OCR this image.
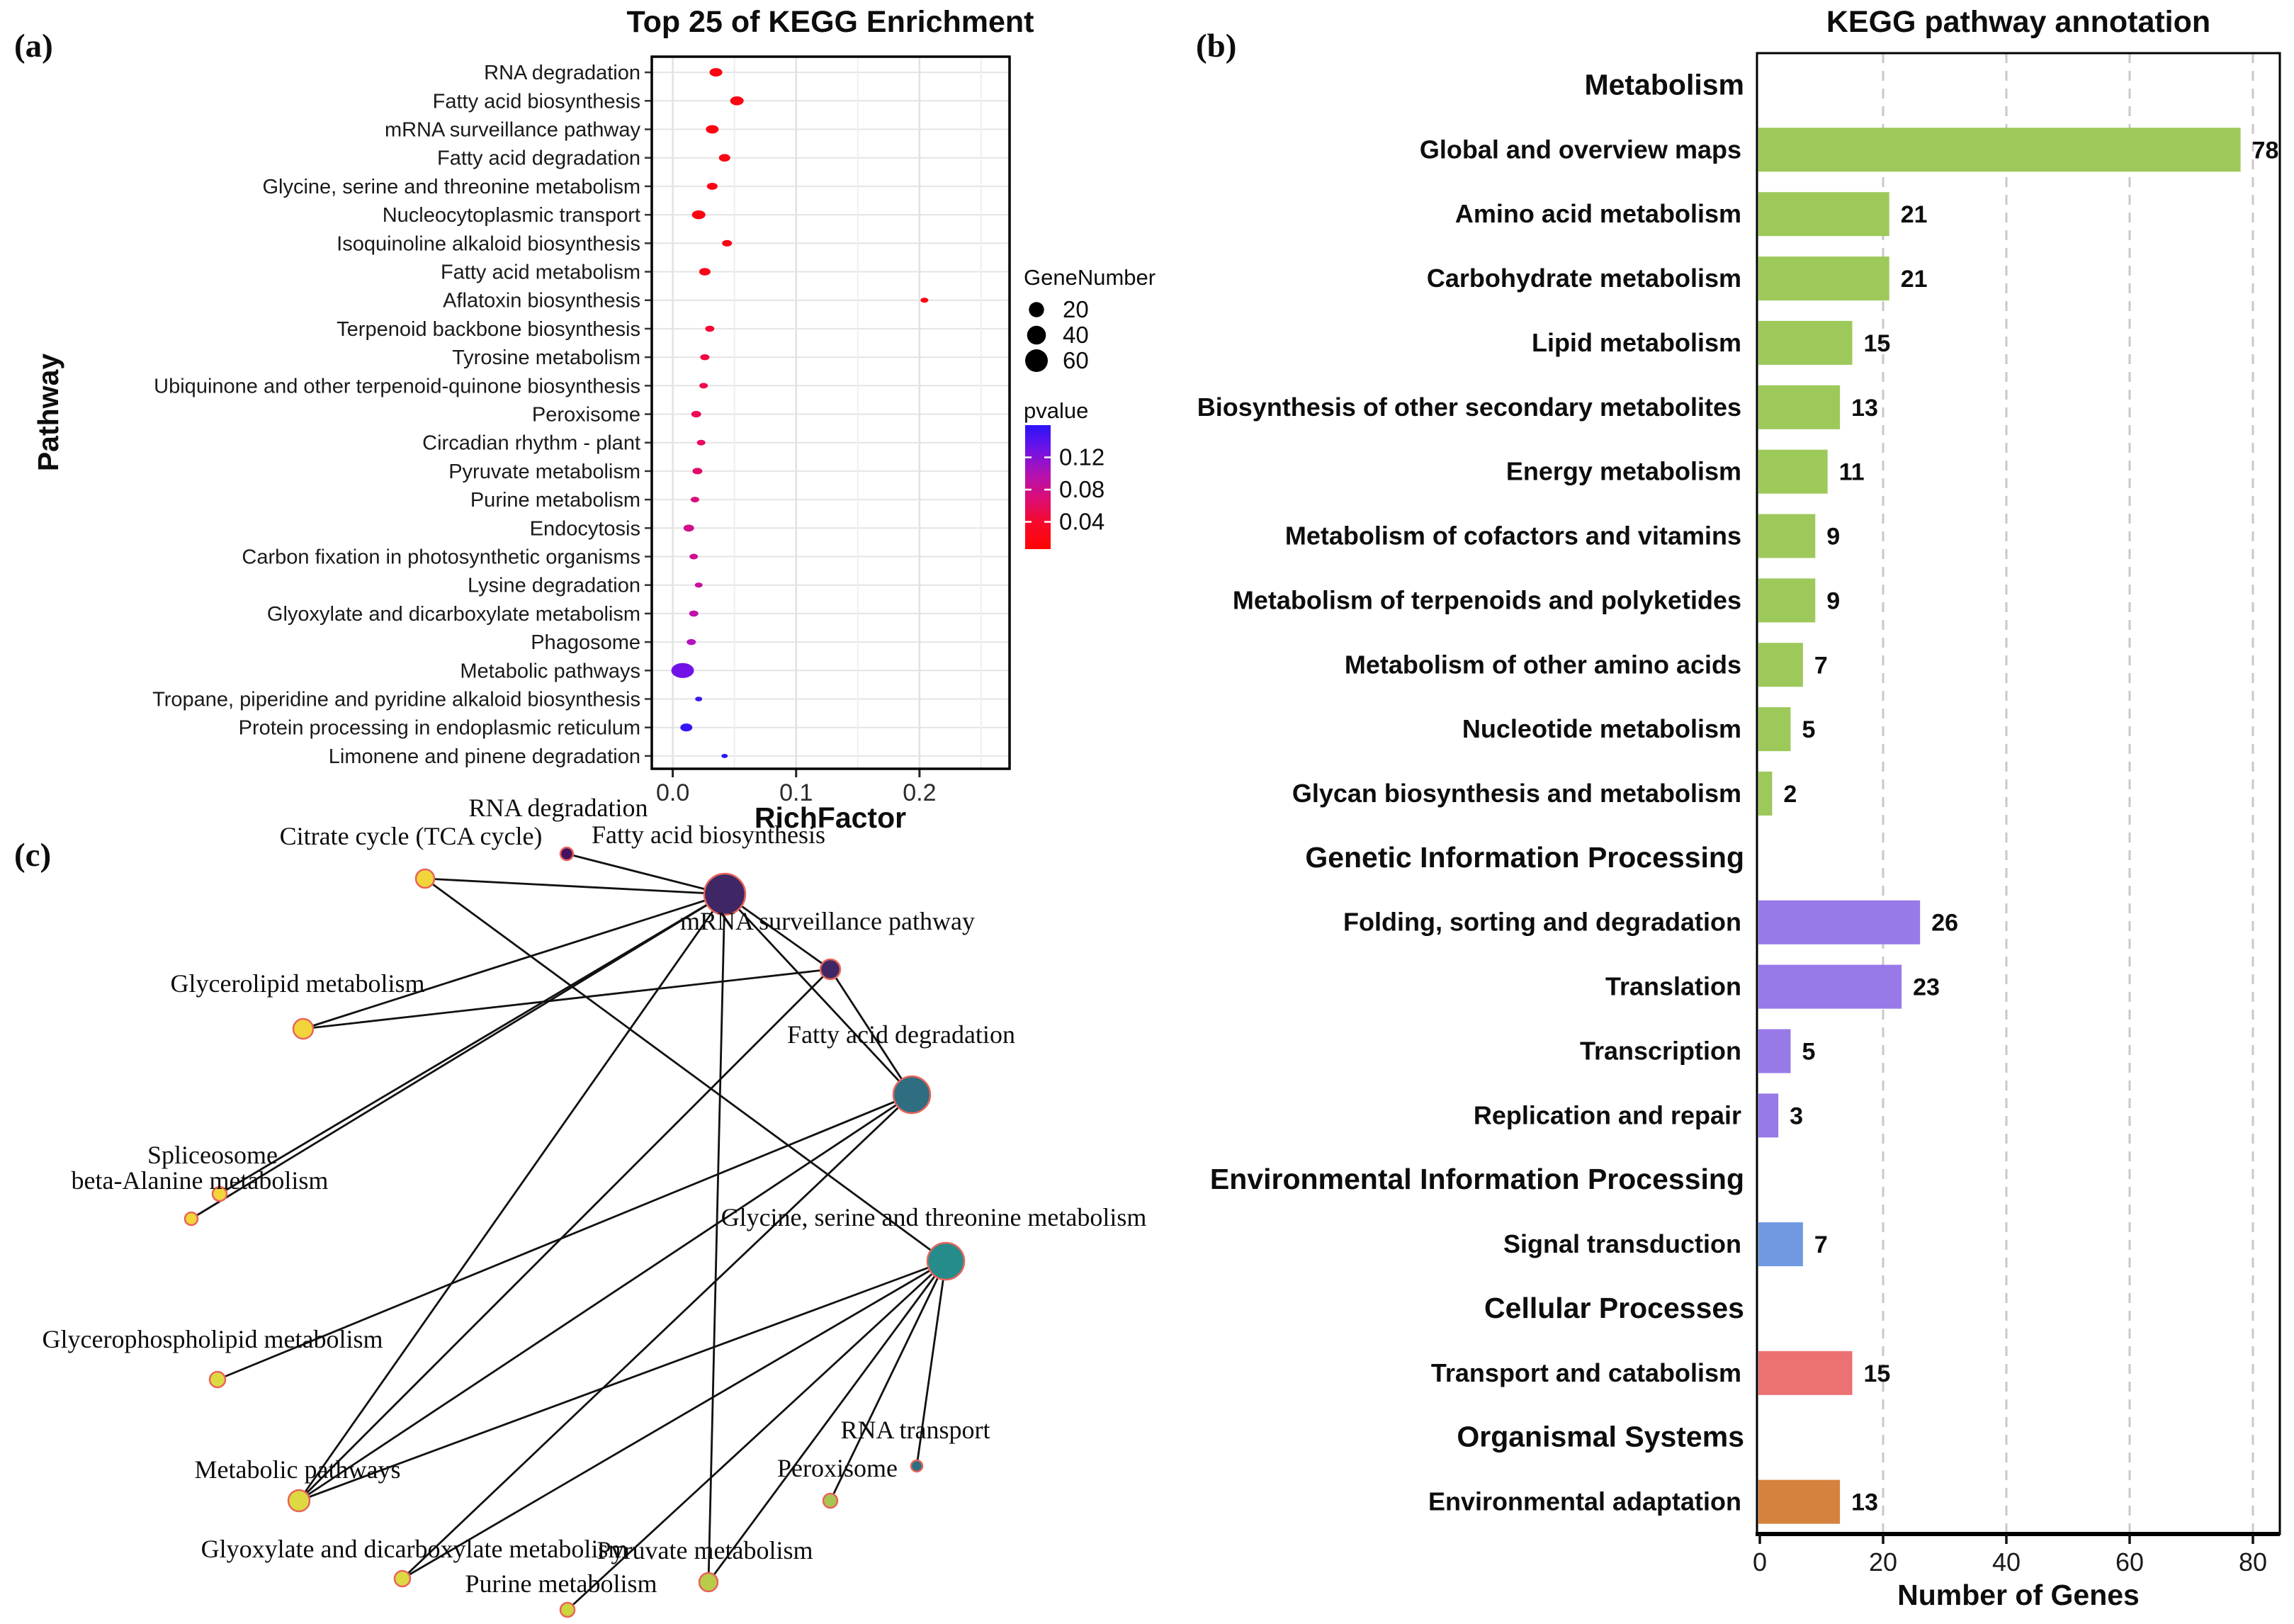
RNA degradation
Fatty acid biosynthesis
mRNA surveillance pathway
Fatty acid degradation
Glycine, serine and threonine metabolism
Nucleocytoplasmic transport
Isoquinoline alkaloid biosynthesis
Fatty acid metabolism
Aflatoxin biosynthesis
Terpenoid backbone biosynthesis
Tyrosine metabolism
Ubiquinone and other terpenoid-quinone biosynthesis
Peroxisome
Circadian rhythm - plant
Pyruvate metabolism
Purine metabolism
Endocytosis
Carbon fixation in photosynthetic organisms
Lysine degradation
Glyoxylate and dicarboxylate metabolism
Phagosome
Metabolic pathways
Tropane, piperidine and pyridine alkaloid biosynthesis
Protein processing in endoplasmic reticulum
Limonene and pinene degradation
0.0	0.1	0.2
20
40
60
0.12
0.08
0.04
Metabolism
Global and overview maps	78
Amino acid metabolism	21
Carbohydrate metabolism	21
Lipid metabolism	15
Biosynthesis of other secondary metabolites	13
Energy metabolism	11
Metabolism of cofactors and vitamins	9
Metabolism of terpenoids and polyketides	9
Metabolism of other amino acids	7
Nucleotide metabolism	5
Glycan biosynthesis and metabolism 2
Genetic Information Processing
Folding, sorting and degradation	26
Translation	23
Transcription	5
Replication and repair 3
Environmental Information Processing
Signal transduction	7
Cellular Processes
Transport and catabolism	15
Organismal Systems
Environmental adaptation	13
0	20	40	60	80
RNA degradation
Citrate cycle (TCA cycle) Fatty acid biosynthesis
Glycerolipid metabolism
mRNA surveillance pathway
Spliceosome
Fatty acid degradation
beta-Alanine metabolism
Glycine, serine and threonine metabolism
Glycerophospholipid metabolism
RNA transport
Metabolic pathways	Peroxisome
Glyoxylate and dicarboxylate metabolism
Pyruvate metabolism
Purine metabolism
(a)	(b)
(c)
Top 25 of KEGG Enrichment
RichFactor
Pathway
GeneNumber
pvalue
KEGG pathway annotation
Number of Genes
